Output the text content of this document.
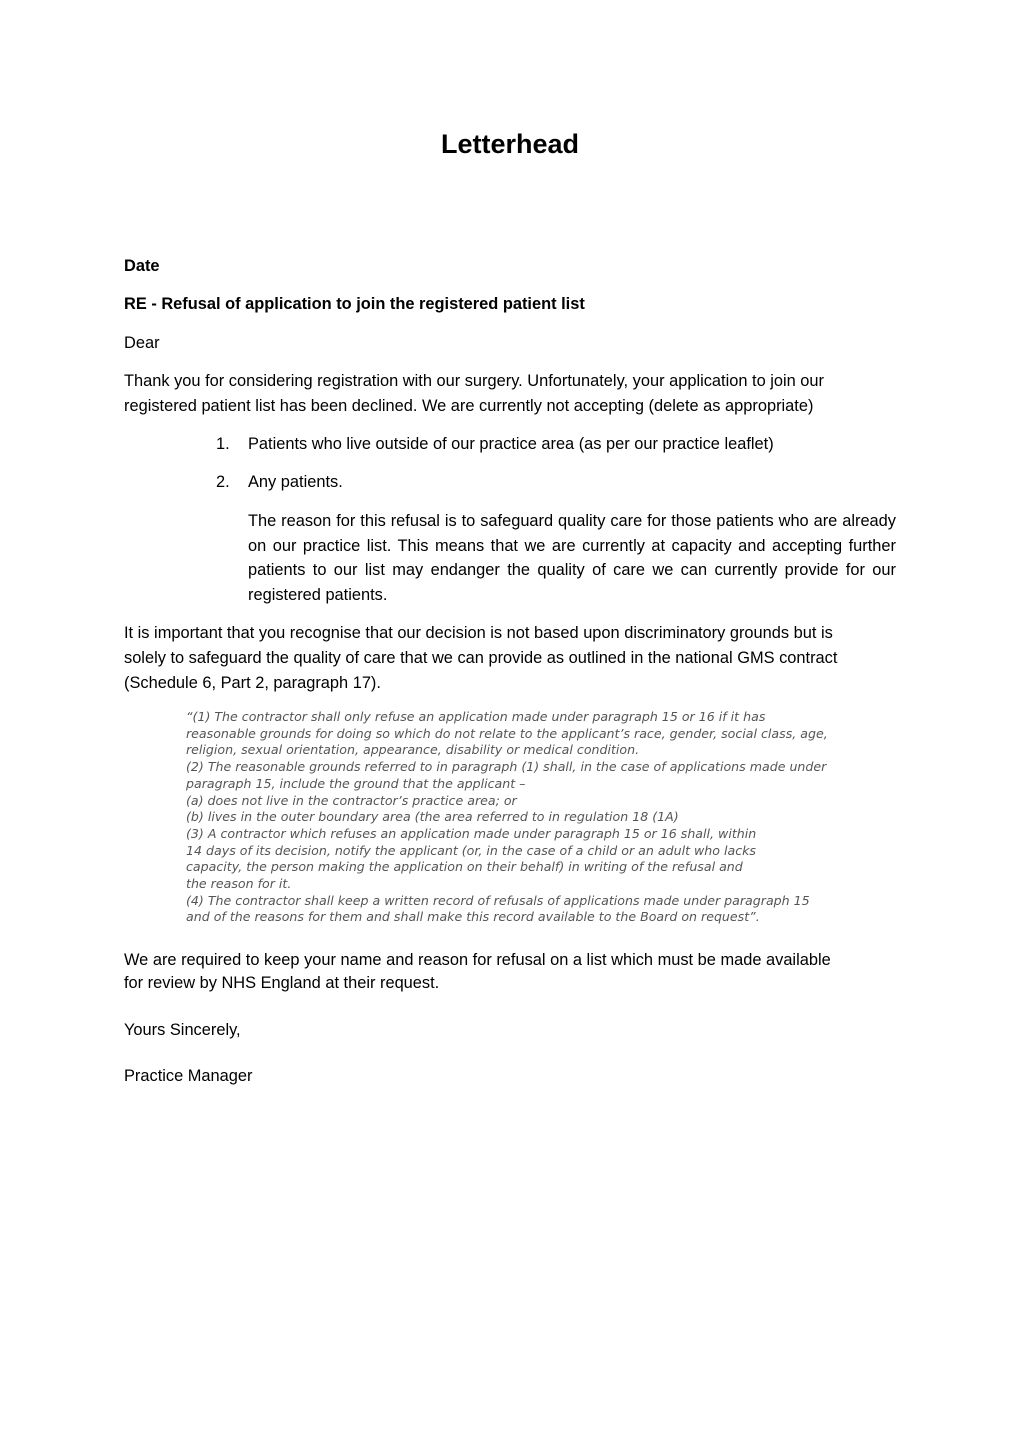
Letterhead

Date

RE - Refusal of application to join the registered patient list

Dear

Thank you for considering registration with our surgery. Unfortunately, your application to join our
registered patient list has been declined. We are currently not accepting (delete as appropriate)

1. Patients who live outside of our practice area (as per our practice leaflet)

2. Any patients.

The reason for this refusal is to safeguard quality care for those patients who are already on our practice list. This means that we are currently at capacity and accepting further patients to our list may endanger the quality of care we can currently provide for our registered patients.

It is important that you recognise that our decision is not based upon discriminatory grounds but is
solely to safeguard the quality of care that we can provide as outlined in the national GMS contract
(Schedule 6, Part 2, paragraph 17).
“(1) The contractor shall only refuse an application made under paragraph 15 or 16 if it has
reasonable grounds for doing so which do not relate to the applicant’s race, gender, social class, age,
religion, sexual orientation, appearance, disability or medical condition.
(2) The reasonable grounds referred to in paragraph (1) shall, in the case of applications made under
paragraph 15, include the ground that the applicant –
(a) does not live in the contractor’s practice area; or
(b) lives in the outer boundary area (the area referred to in regulation 18 (1A)
(3) A contractor which refuses an application made under paragraph 15 or 16 shall, within
14 days of its decision, notify the applicant (or, in the case of a child or an adult who lacks
capacity, the person making the application on their behalf) in writing of the refusal and
the reason for it.
(4) The contractor shall keep a written record of refusals of applications made under paragraph 15
and of the reasons for them and shall make this record available to the Board on request”.
We are required to keep your name and reason for refusal on a list which must be made available
for review by NHS England at their request.

Yours Sincerely,

Practice Manager
